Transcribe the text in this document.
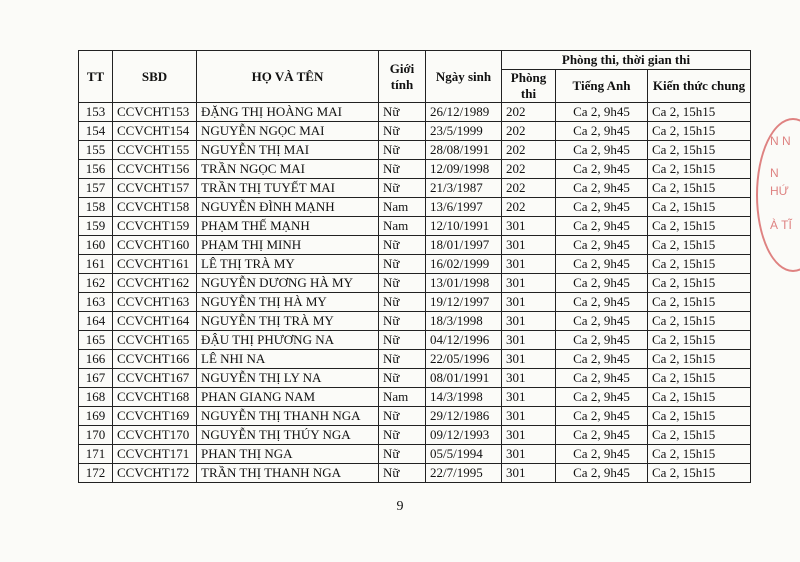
TT	SBD	HỌ VÀ TÊN	Giới tính	Ngày sinh	Phòng thi, thời gian thi		
					Phòng thi	Tiếng Anh	Kiến thức chung
153	CCVCHT153	ĐẶNG THỊ HOÀNG MAI	Nữ	26/12/1989	202	Ca 2, 9h45	Ca 2, 15h15
154	CCVCHT154	NGUYỄN NGỌC MAI	Nữ	23/5/1999	202	Ca 2, 9h45	Ca 2, 15h15
155	CCVCHT155	NGUYỄN THỊ MAI	Nữ	28/08/1991	202	Ca 2, 9h45	Ca 2, 15h15
156	CCVCHT156	TRẦN NGỌC MAI	Nữ	12/09/1998	202	Ca 2, 9h45	Ca 2, 15h15
157	CCVCHT157	TRẦN THỊ TUYẾT MAI	Nữ	21/3/1987	202	Ca 2, 9h45	Ca 2, 15h15
158	CCVCHT158	NGUYỄN ĐÌNH MẠNH	Nam	13/6/1997	202	Ca 2, 9h45	Ca 2, 15h15
159	CCVCHT159	PHẠM THẾ MẠNH	Nam	12/10/1991	301	Ca 2, 9h45	Ca 2, 15h15
160	CCVCHT160	PHẠM THỊ MINH	Nữ	18/01/1997	301	Ca 2, 9h45	Ca 2, 15h15
161	CCVCHT161	LÊ THỊ TRÀ MY	Nữ	16/02/1999	301	Ca 2, 9h45	Ca 2, 15h15
162	CCVCHT162	NGUYỄN DƯƠNG HÀ MY	Nữ	13/01/1998	301	Ca 2, 9h45	Ca 2, 15h15
163	CCVCHT163	NGUYỄN THỊ HÀ MY	Nữ	19/12/1997	301	Ca 2, 9h45	Ca 2, 15h15
164	CCVCHT164	NGUYỄN THỊ TRÀ MY	Nữ	18/3/1998	301	Ca 2, 9h45	Ca 2, 15h15
165	CCVCHT165	ĐẬU THỊ PHƯƠNG NA	Nữ	04/12/1996	301	Ca 2, 9h45	Ca 2, 15h15
166	CCVCHT166	LÊ NHI NA	Nữ	22/05/1996	301	Ca 2, 9h45	Ca 2, 15h15
167	CCVCHT167	NGUYỄN THỊ LY NA	Nữ	08/01/1991	301	Ca 2, 9h45	Ca 2, 15h15
168	CCVCHT168	PHAN GIANG NAM	Nam	14/3/1998	301	Ca 2, 9h45	Ca 2, 15h15
169	CCVCHT169	NGUYỄN THỊ THANH NGA	Nữ	29/12/1986	301	Ca 2, 9h45	Ca 2, 15h15
170	CCVCHT170	NGUYỄN THỊ THÚY NGA	Nữ	09/12/1993	301	Ca 2, 9h45	Ca 2, 15h15
171	CCVCHT171	PHAN THỊ NGA	Nữ	05/5/1994	301	Ca 2, 9h45	Ca 2, 15h15
172	CCVCHT172	TRẦN THỊ THANH NGA	Nữ	22/7/1995	301	Ca 2, 9h45	Ca 2, 15h15
9
N N
N
HỨ
À TĨ
